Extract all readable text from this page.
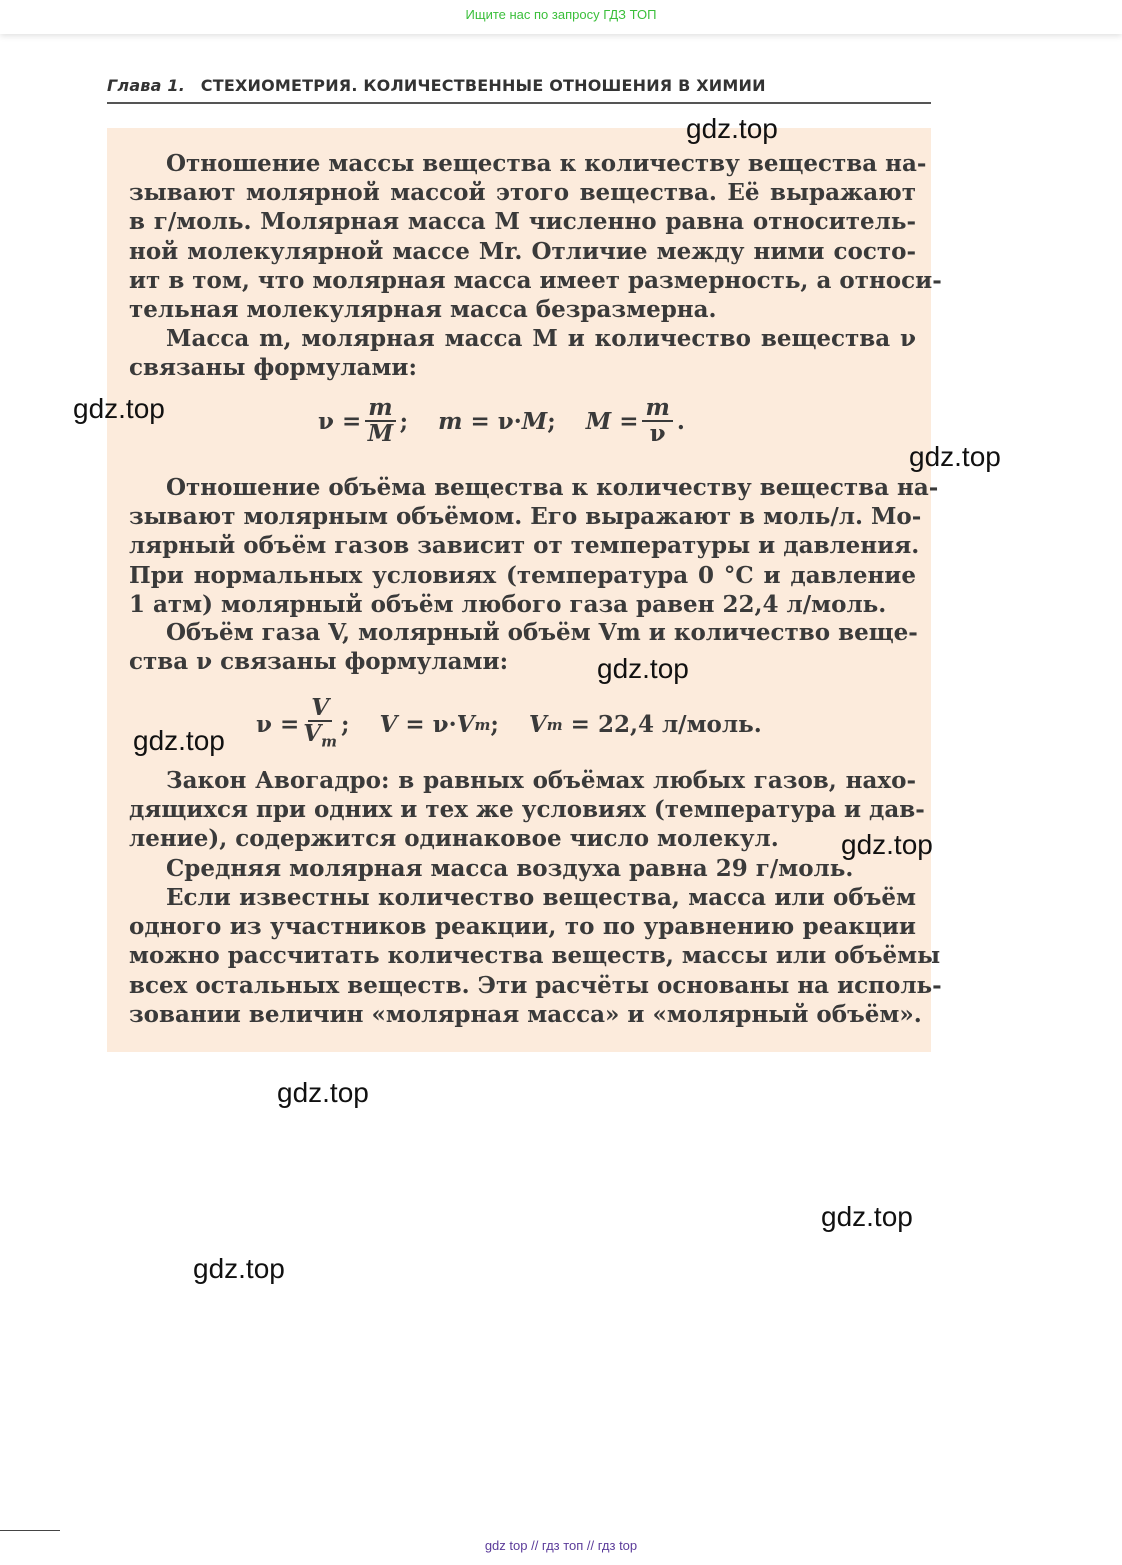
Ищите нас по запросу ГДЗ ТОП
Глава 1. СТЕХИОМЕТРИЯ. КОЛИЧЕСТВЕННЫЕ ОТНОШЕНИЯ В ХИМИИ
Отношение массы вещества к количеству вещества на-
зывают молярной массой этого вещества. Её выражают
в г/моль. Молярная масса M численно равна относитель-
ной молекулярной массе Mr. Отличие между ними состо-
ит в том, что молярная масса имеет размерность, а относи-
тельная молекулярная масса безразмерна.
Масса m, молярная масса M и количество вещества ν
связаны формулами:
ν
= $\frac{m}{M}$ ; m
=
ν · M ; M
= $\frac{m}{\nu}$ .
Отношение объёма вещества к количеству вещества на-
зывают молярным объёмом. Его выражают в моль/л. Мо-
лярный объём газов зависит от температуры и давления.
При нормальных условиях (температура 0 °С и давление
1 атм) молярный объём любого газа равен 22,4 л/моль.
Объём газа V, молярный объём Vm и количество веще-
ства ν связаны формулами:
ν
= $\frac{V}{V_m}$ ; V
=
ν · V m ; V m
=
22,4 л/моль.
Закон Авогадро: в равных объёмах любых газов, нахо-
дящихся при одних и тех же условиях (температура и дав-
ление), содержится одинаковое число молекул.
Средняя молярная масса воздуха равна 29 г/моль.
Если известны количество вещества, масса или объём
одного из участников реакции, то по уравнению реакции
можно рассчитать количества веществ, массы или объёмы
всех остальных веществ. Эти расчёты основаны на исполь-
зовании величин «молярная масса» и «молярный объём».
gdz.top
gdz.top
gdz.top
gdz.top
gdz.top
gdz.top
gdz.top
gdz.top
gdz.top
gdz top // гдз топ // гдз top
